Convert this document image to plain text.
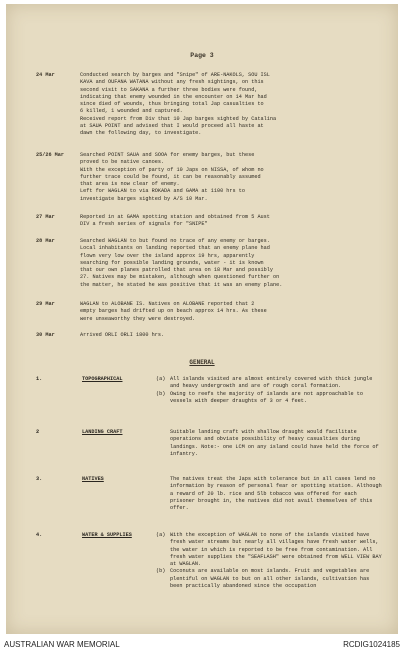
Page 3
24 Mar	Conducted search by barges and "Snipe" of ARE-NAKOLS, SOU ISL

KAVA and OUFANA WATANA without any fresh sightings, on this

second visit to SAKANA a further three bodies were found,

indicating that enemy wounded in the encounter on 14 Mar had

since died of wounds, thus bringing total Jap casualties to

6 killed, 1 wounded and captured.

Received report from Div that 10 Jap barges sighted by Catalina

at SAUA POINT and advised that I would proceed all haste at

dawn the following day, to investigate.

25/26 Mar	Searched POINT SAUA and SOOA for enemy barges, but these

proved to be native canoes.

With the exception of party of 10 Japs on NISSA, of whom no

further trace could be found, it can be reasonably assumed

that area is now clear of enemy.

Left for WAGLAN to via ROKADA and GAMA at 1100 hrs to

investigate barges sighted by A/S 10 Mar.

27 Mar	Reported in at GAMA spotting station and obtained from 5 Aust

DIV a fresh series of signals for "SNIPE"

28 Mar	Searched WAGLAN to but found no trace of any enemy or barges.

Local inhabitants on landing reported that an enemy plane had

flown very low over the island approx 19 hrs, apparently

searching for possible landing grounds, water - it is known

that our own planes patrolled that area on 18 Mar and possibly

27. Natives may be mistaken, although when questioned further on

the matter, he stated he was positive that it was an enemy plane.

29 Mar	WAGLAN to ALOBANE IS. Natives on ALOBANE reported that 2

empty barges had drifted up on beach approx 14 hrs. As these

were unseaworthy they were destroyed.

30 Mar	Arrived ORLI ORLI 1800 hrs.

GENERAL
1.	TOPOGRAPHICAL	(a) All islands visited are almost entirely covered with thick jungle and heavy undergrowth and are of rough coral formation.
(b) Owing to reefs the majority of islands are not approachable to vessels with deeper draughts of 3 or 4 feet.
2	LANDING CRAFT	Suitable landing craft with shallow draught would facilitate operations and obviate possibility of heavy casualties during landings. Note:- one LCM on any island could have held the force of infantry.
3.	NATIVES	The natives treat the Japs with tolerance but in all cases lend no information by reason of personal fear or spotting station. Although a reward of 20 lb. rice and 5lb tobacco was offered for each prisoner brought in, the natives did not avail themselves of this offer.
4.	WATER & SUPPLIES	(a) With the exception of WAGLAN to none of the islands visited have fresh water streams but nearly all villages have fresh water wells, the water in which is reported to be free from contamination. All fresh water supplies the "SEAFLASH" were obtained from WELL VIEW BAY at WAGLAN.
(b) Coconuts are available on most islands. Fruit and vegetables are plentiful on WAGLAN to but on all other islands, cultivation has been practically abandoned since the occupation
AUSTRALIAN WAR MEMORIAL	RCDIG1024185
